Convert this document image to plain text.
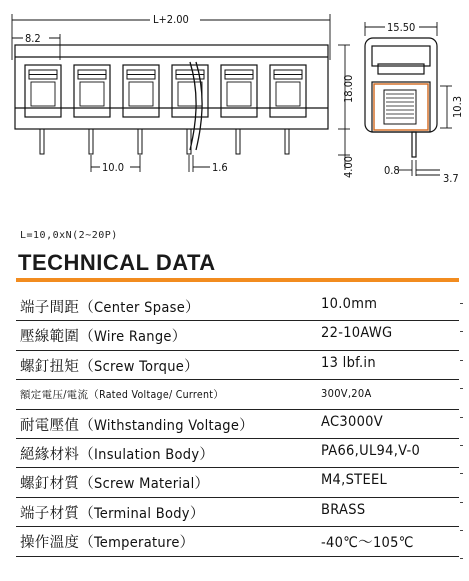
L+2.00
8.2
10.0	1.6
18.00
4.00
15.50
10.3
0.8
3.7
L=10,0xN(2~20P)
TECHNICAL DATA
端子間距（Center Spase）	10.0mm
壓線範圍（Wire Range）	22-10AWG
螺釘扭矩（Screw Torque）	13 lbf.in
額定電压/電流（Rated Voltage/ Current）	300V,20A
耐電壓值（Withstanding Voltage）	AC3000V
絕緣材料（Insulation Body）	PA66,UL94,V-0
螺釘材質（Screw Material）	M4,STEEL
端子材質（Terminal Body）	BRASS
操作溫度（Temperature）	-40℃～105℃
